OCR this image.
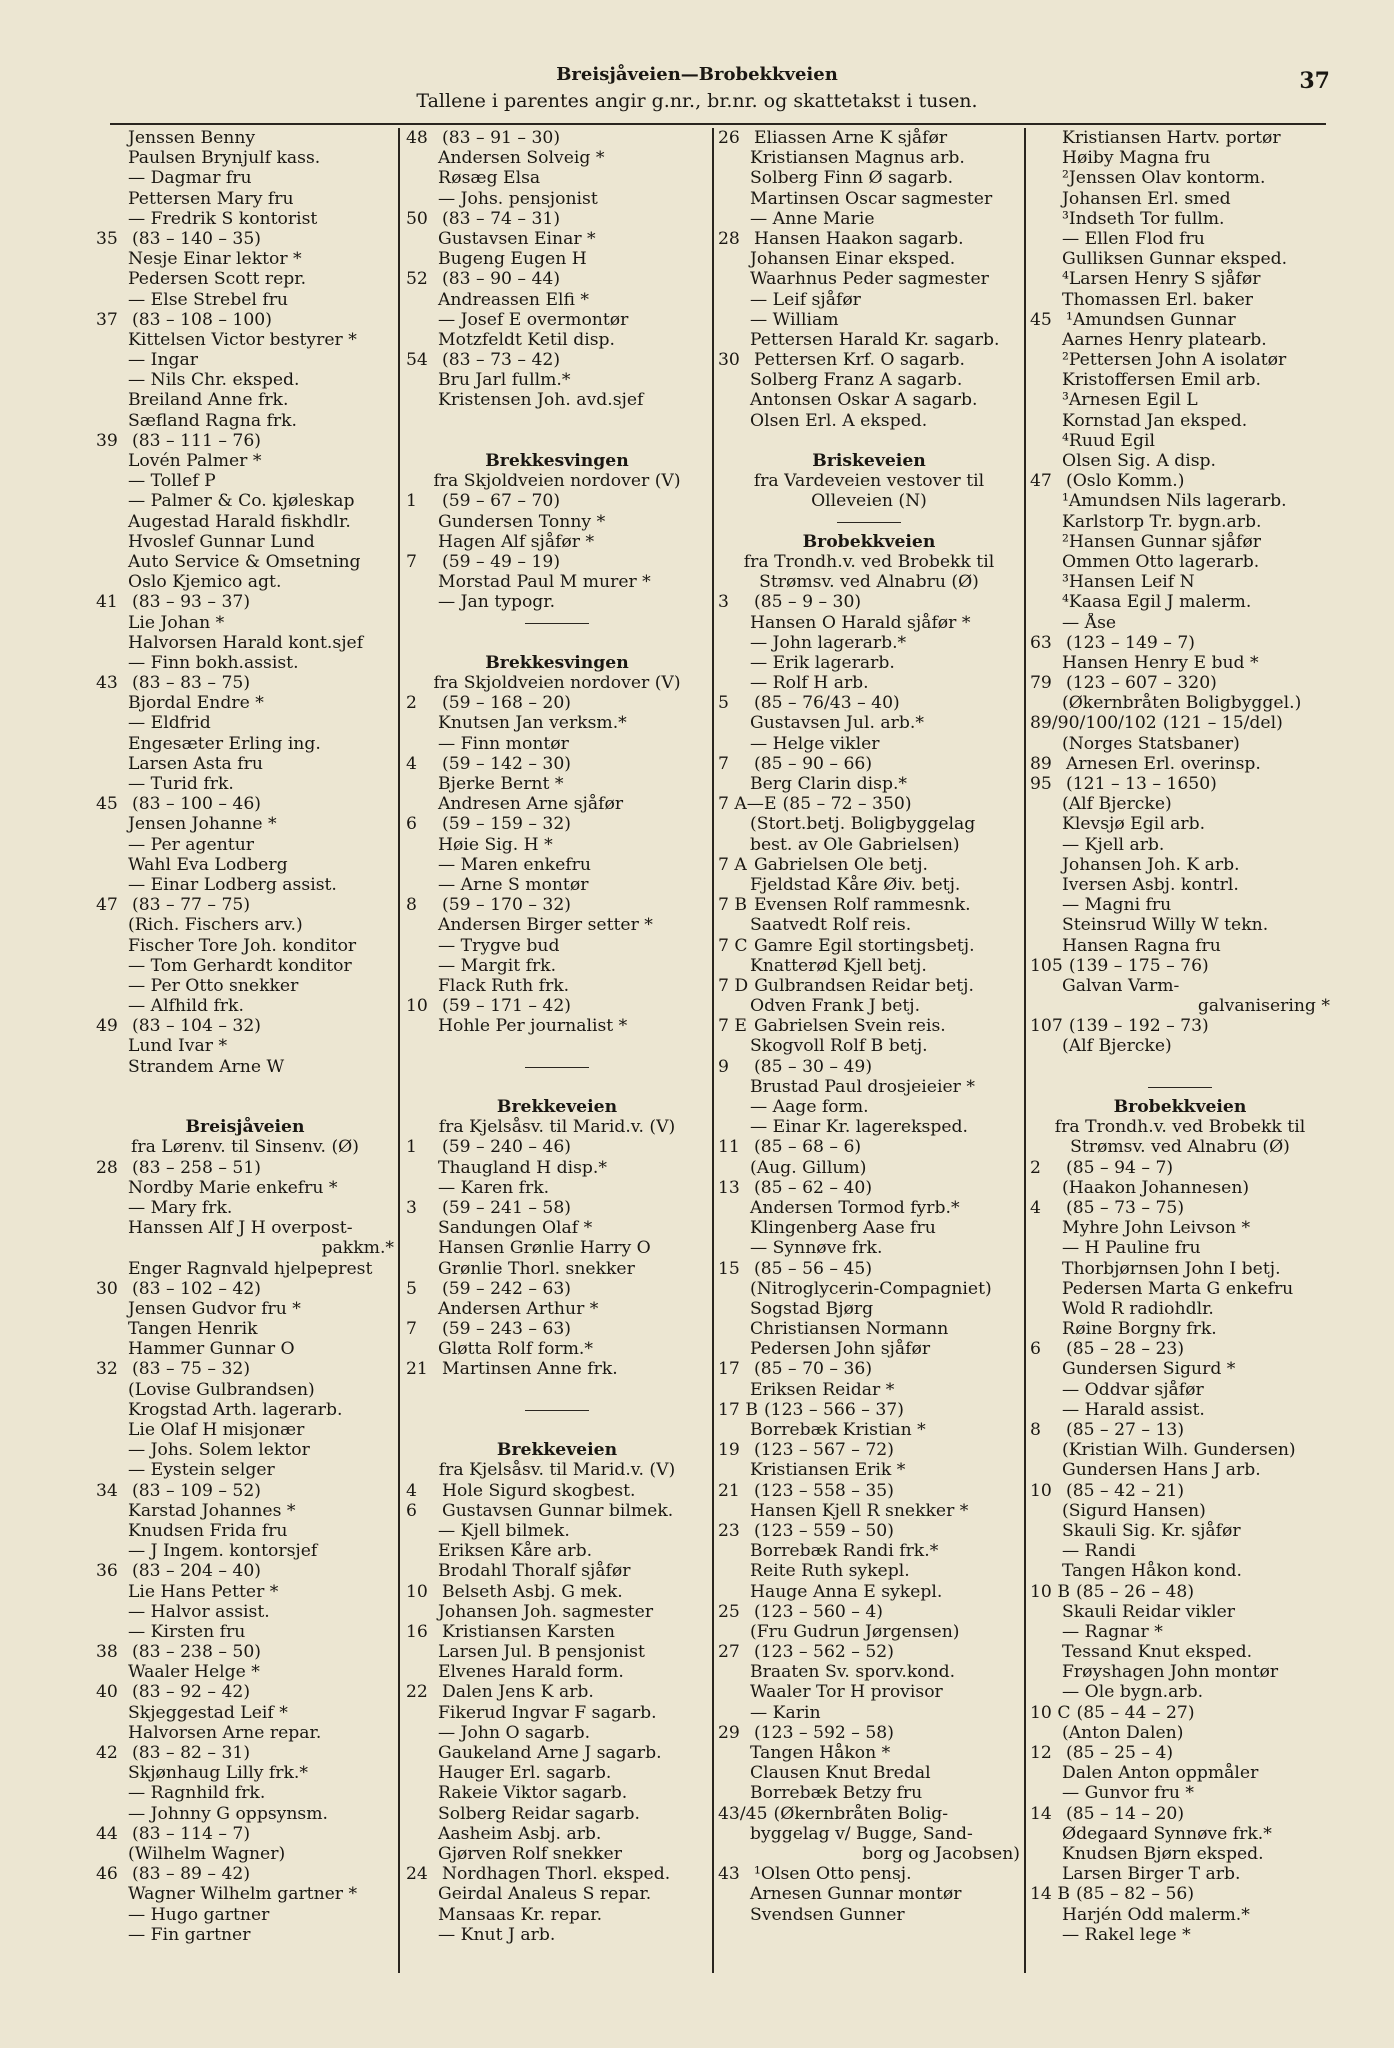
Breisjåveien—Brobekkveien
Tallene i parentes angir g.nr., br.nr. og skattetakst i tusen.
37
Jenssen Benny
Paulsen Brynjulf kass.
— Dagmar fru
Pettersen Mary fru
— Fredrik S kontorist
35 (83 – 140 – 35)
Nesje Einar lektor *
Pedersen Scott repr.
— Else Strebel fru
37 (83 – 108 – 100)
Kittelsen Victor bestyrer *
— Ingar
— Nils Chr. eksped.
Breiland Anne frk.
Sæfland Ragna frk.
39 (83 – 111 – 76)
Lovén Palmer *
— Tollef P
— Palmer & Co. kjøleskap
Augestad Harald fiskhdlr.
Hvoslef Gunnar Lund
Auto Service & Omsetning
Oslo Kjemico agt.
41 (83 – 93 – 37)
Lie Johan *
Halvorsen Harald kont.sjef
— Finn bokh.assist.
43 (83 – 83 – 75)
Bjordal Endre *
— Eldfrid
Engesæter Erling ing.
Larsen Asta fru
— Turid frk.
45 (83 – 100 – 46)
Jensen Johanne *
— Per agentur
Wahl Eva Lodberg
— Einar Lodberg assist.
47 (83 – 77 – 75)
(Rich. Fischers arv.)
Fischer Tore Joh. konditor
— Tom Gerhardt konditor
— Per Otto snekker
— Alfhild frk.
49 (83 – 104 – 32)
Lund Ivar *
Strandem Arne W
Breisjåveien
fra Lørenv. til Sinsenv. (Ø)
28 (83 – 258 – 51)
Nordby Marie enkefru *
— Mary frk.
Hanssen Alf J H overpost-
pakkm.*
Enger Ragnvald hjelpeprest
30 (83 – 102 – 42)
Jensen Gudvor fru *
Tangen Henrik
Hammer Gunnar O
32 (83 – 75 – 32)
(Lovise Gulbrandsen)
Krogstad Arth. lagerarb.
Lie Olaf H misjonær
— Johs. Solem lektor
— Eystein selger
34 (83 – 109 – 52)
Karstad Johannes *
Knudsen Frida fru
— J Ingem. kontorsjef
36 (83 – 204 – 40)
Lie Hans Petter *
— Halvor assist.
— Kirsten fru
38 (83 – 238 – 50)
Waaler Helge *
40 (83 – 92 – 42)
Skjeggestad Leif *
Halvorsen Arne repar.
42 (83 – 82 – 31)
Skjønhaug Lilly frk.*
— Ragnhild frk.
— Johnny G oppsynsm.
44 (83 – 114 – 7)
(Wilhelm Wagner)
46 (83 – 89 – 42)
Wagner Wilhelm gartner *
— Hugo gartner
— Fin gartner
48 (83 – 91 – 30)
Andersen Solveig *
Røsæg Elsa
— Johs. pensjonist
50 (83 – 74 – 31)
Gustavsen Einar *
Bugeng Eugen H
52 (83 – 90 – 44)
Andreassen Elfi *
— Josef E overmontør
Motzfeldt Ketil disp.
54 (83 – 73 – 42)
Bru Jarl fullm.*
Kristensen Joh. avd.sjef
Brekkesvingen
fra Skjoldveien nordover (V)
1 (59 – 67 – 70)
Gundersen Tonny *
Hagen Alf sjåfør *
7 (59 – 49 – 19)
Morstad Paul M murer *
— Jan typogr.
Brekkesvingen
fra Skjoldveien nordover (V)
2 (59 – 168 – 20)
Knutsen Jan verksm.*
— Finn montør
4 (59 – 142 – 30)
Bjerke Bernt *
Andresen Arne sjåfør
6 (59 – 159 – 32)
Høie Sig. H *
— Maren enkefru
— Arne S montør
8 (59 – 170 – 32)
Andersen Birger setter *
— Trygve bud
— Margit frk.
Flack Ruth frk.
10 (59 – 171 – 42)
Hohle Per journalist *
Brekkeveien
fra Kjelsåsv. til Marid.v. (V)
1 (59 – 240 – 46)
Thaugland H disp.*
— Karen frk.
3 (59 – 241 – 58)
Sandungen Olaf *
Hansen Grønlie Harry O
Grønlie Thorl. snekker
5 (59 – 242 – 63)
Andersen Arthur *
7 (59 – 243 – 63)
Gløtta Rolf form.*
21 Martinsen Anne frk.
Brekkeveien
fra Kjelsåsv. til Marid.v. (V)
4 Hole Sigurd skogbest.
6 Gustavsen Gunnar bilmek.
— Kjell bilmek.
Eriksen Kåre arb.
Brodahl Thoralf sjåfør
10 Belseth Asbj. G mek.
Johansen Joh. sagmester
16 Kristiansen Karsten
Larsen Jul. B pensjonist
Elvenes Harald form.
22 Dalen Jens K arb.
Fikerud Ingvar F sagarb.
— John O sagarb.
Gaukeland Arne J sagarb.
Hauger Erl. sagarb.
Rakeie Viktor sagarb.
Solberg Reidar sagarb.
Aasheim Asbj. arb.
Gjørven Rolf snekker
24 Nordhagen Thorl. eksped.
Geirdal Analeus S repar.
Mansaas Kr. repar.
— Knut J arb.
26 Eliassen Arne K sjåfør
Kristiansen Magnus arb.
Solberg Finn Ø sagarb.
Martinsen Oscar sagmester
— Anne Marie
28 Hansen Haakon sagarb.
Johansen Einar eksped.
Waarhnus Peder sagmester
— Leif sjåfør
— William
Pettersen Harald Kr. sagarb.
30 Pettersen Krf. O sagarb.
Solberg Franz A sagarb.
Antonsen Oskar A sagarb.
Olsen Erl. A eksped.
Briskeveien
fra Vardeveien vestover til
Olleveien (N)
Brobekkveien
fra Trondh.v. ved Brobekk til
Strømsv. ved Alnabru (Ø)
3 (85 – 9 – 30)
Hansen O Harald sjåfør *
— John lagerarb.*
— Erik lagerarb.
— Rolf H arb.
5 (85 – 76/43 – 40)
Gustavsen Jul. arb.*
— Helge vikler
7 (85 – 90 – 66)
Berg Clarin disp.*
7 A—E (85 – 72 – 350)
(Stort.betj. Boligbyggelag
best. av Ole Gabrielsen)
7 A Gabrielsen Ole betj.
Fjeldstad Kåre Øiv. betj.
7 B Evensen Rolf rammesnk.
Saatvedt Rolf reis.
7 C Gamre Egil stortingsbetj.
Knatterød Kjell betj.
7 D Gulbrandsen Reidar betj.
Odven Frank J betj.
7 E Gabrielsen Svein reis.
Skogvoll Rolf B betj.
9 (85 – 30 – 49)
Brustad Paul drosjeieier *
— Aage form.
— Einar Kr. lagereksped.
11 (85 – 68 – 6)
(Aug. Gillum)
13 (85 – 62 – 40)
Andersen Tormod fyrb.*
Klingenberg Aase fru
— Synnøve frk.
15 (85 – 56 – 45)
(Nitroglycerin-Compagniet)
Sogstad Bjørg
Christiansen Normann
Pedersen John sjåfør
17 (85 – 70 – 36)
Eriksen Reidar *
17 B (123 – 566 – 37)
Borrebæk Kristian *
19 (123 – 567 – 72)
Kristiansen Erik *
21 (123 – 558 – 35)
Hansen Kjell R snekker *
23 (123 – 559 – 50)
Borrebæk Randi frk.*
Reite Ruth sykepl.
Hauge Anna E sykepl.
25 (123 – 560 – 4)
(Fru Gudrun Jørgensen)
27 (123 – 562 – 52)
Braaten Sv. sporv.kond.
Waaler Tor H provisor
— Karin
29 (123 – 592 – 58)
Tangen Håkon *
Clausen Knut Bredal
Borrebæk Betzy fru
43/45 (Økernbråten Bolig-
byggelag v/ Bugge, Sand-
borg og Jacobsen)
43 ¹Olsen Otto pensj.
Arnesen Gunnar montør
Svendsen Gunner
Kristiansen Hartv. portør
Høiby Magna fru
²Jenssen Olav kontorm.
Johansen Erl. smed
³Indseth Tor fullm.
— Ellen Flod fru
Gulliksen Gunnar eksped.
⁴Larsen Henry S sjåfør
Thomassen Erl. baker
45 ¹Amundsen Gunnar
Aarnes Henry platearb.
²Pettersen John A isolatør
Kristoffersen Emil arb.
³Arnesen Egil L
Kornstad Jan eksped.
⁴Ruud Egil
Olsen Sig. A disp.
47 (Oslo Komm.)
¹Amundsen Nils lagerarb.
Karlstorp Tr. bygn.arb.
²Hansen Gunnar sjåfør
Ommen Otto lagerarb.
³Hansen Leif N
⁴Kaasa Egil J malerm.
— Åse
63 (123 – 149 – 7)
Hansen Henry E bud *
79 (123 – 607 – 320)
(Økernbråten Boligbyggel.)
89/90/100/102 (121 – 15/del)
(Norges Statsbaner)
89 Arnesen Erl. overinsp.
95 (121 – 13 – 1650)
(Alf Bjercke)
Klevsjø Egil arb.
— Kjell arb.
Johansen Joh. K arb.
Iversen Asbj. kontrl.
— Magni fru
Steinsrud Willy W tekn.
Hansen Ragna fru
105 (139 – 175 – 76)
Galvan Varm-
galvanisering *
107 (139 – 192 – 73)
(Alf Bjercke)
Brobekkveien
fra Trondh.v. ved Brobekk til
Strømsv. ved Alnabru (Ø)
2 (85 – 94 – 7)
(Haakon Johannesen)
4 (85 – 73 – 75)
Myhre John Leivson *
— H Pauline fru
Thorbjørnsen John I betj.
Pedersen Marta G enkefru
Wold R radiohdlr.
Røine Borgny frk.
6 (85 – 28 – 23)
Gundersen Sigurd *
— Oddvar sjåfør
— Harald assist.
8 (85 – 27 – 13)
(Kristian Wilh. Gundersen)
Gundersen Hans J arb.
10 (85 – 42 – 21)
(Sigurd Hansen)
Skauli Sig. Kr. sjåfør
— Randi
Tangen Håkon kond.
10 B (85 – 26 – 48)
Skauli Reidar vikler
— Ragnar *
Tessand Knut eksped.
Frøyshagen John montør
— Ole bygn.arb.
10 C (85 – 44 – 27)
(Anton Dalen)
12 (85 – 25 – 4)
Dalen Anton oppmåler
— Gunvor fru *
14 (85 – 14 – 20)
Ødegaard Synnøve frk.*
Knudsen Bjørn eksped.
Larsen Birger T arb.
14 B (85 – 82 – 56)
Harjén Odd malerm.*
— Rakel lege *
